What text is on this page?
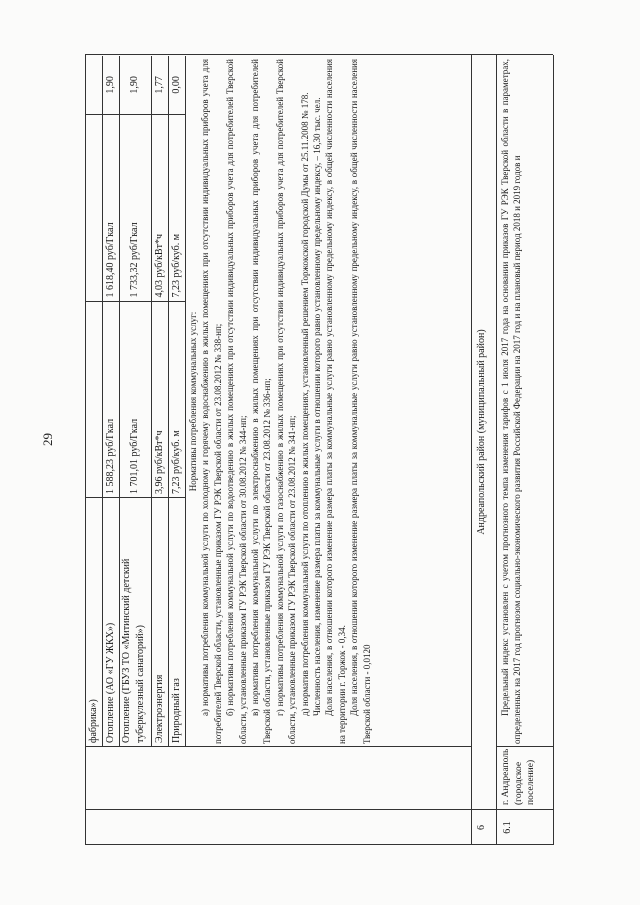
29
фабрика») Отопление (АО «ГУ ЖКХ»)
1 588,23 руб/Гкал
1 618,40 руб/Гкал
1,90
Отопление (ГБУЗ ТО «Митинский детский туберкулезный санаторий»)
1 701,01 руб/Гкал
1 733,32 руб/Гкал
1,90
Электроэнергия
3,96 руб/кВт*ч
4,03 руб/кВт*ч
1,77
Природный газ
7,23 руб/куб. м
7,23 руб/куб. м
0,00

Нормативы потребления коммунальных услуг: а) нормативы потребления коммунальной услуги по холодному и горячему водоснабжению в жилых помещениях при отсутствии индивидуальных приборов учета для потребителей Тверской области, установленные приказом ГУ РЭК Тверской области от 23.08.2012 № 338-нп; б) нормативы потребления коммунальной услуги по водоотведению в жилых помещениях при отсутствии индивидуальных приборов учета для потребителей Тверской области, установленные приказом ГУ РЭК Тверской области от 30.08.2012 № 344-нп; в) нормативы потребления коммунальной услуги по электроснабжению в жилых помещениях при отсутствии индивидуальных приборов учета для потребителей Тверской области, установленные приказом ГУ РЭК Тверской области от 23.08.2012 № 336-нп; г) нормативы потребления коммунальной услуги по газоснабжению в жилых помещениях при отсутствии индивидуальных приборов учета для потребителей Тверской области, установленные приказом ГУ РЭК Тверской области от 23.08.2012 № 341-нп; д) норматив потребления коммунальной услуги по отоплению в жилых помещениях, установленный решением Торжокской городской Думы от 25.11.2008 № 178. Численность населения, изменение размера платы за коммунальные услуги в отношении которого равно установленному предельному индексу, – 16,30 тыс. чел. Доля населения, в отношении которого изменение размера платы за коммунальные услуги равно установленному предельному индексу, в общей численности населения на территории г. Торжок - 0,34. Доля населения, в отношении которого изменение размера платы за коммунальные услуги равно установленному предельному индексу, в общей численности населения Тверской области - 0,0120

6
Андреапольский район (муниципальный район)
6.1
г. Андреаполь (городское поселение)

Предельный индекс установлен с учетом прогнозного темпа изменения тарифов с 1 июля 2017 года на основании приказов ГУ РЭК Тверской области в параметрах, определенных на 2017 год прогнозом социально-экономического развития Российской Федерации на 2017 год и на плановый период 2018 и 2019 годов и
